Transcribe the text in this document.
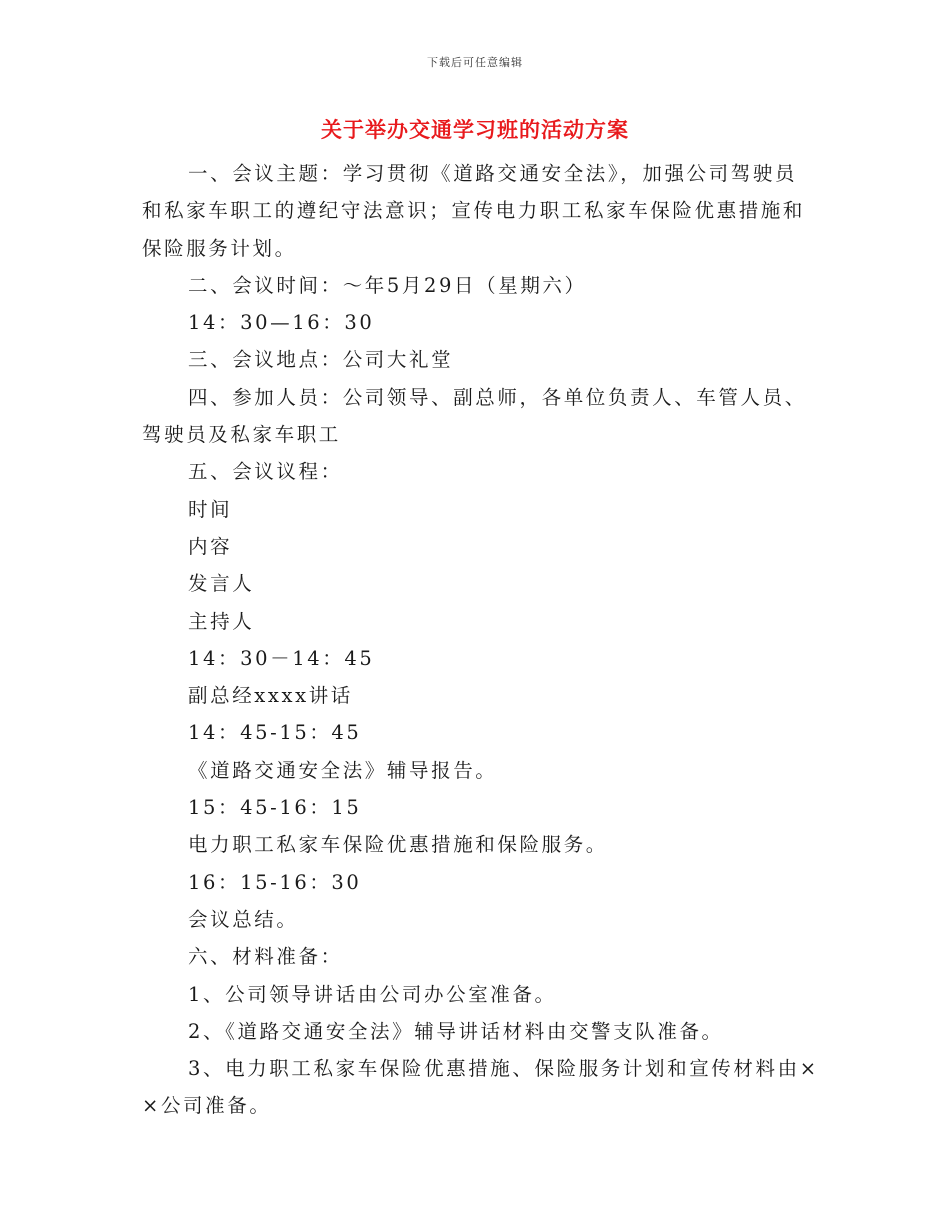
下载后可任意编辑
关于举办交通学习班的活动方案
一、会议主题：学习贯彻《道路交通安全法》，加强公司驾驶员
和私家车职工的遵纪守法意识；宣传电力职工私家车保险优惠措施和
保险服务计划。
二、会议时间：～年5月29日（星期六）
14：30—16：30
三、会议地点：公司大礼堂
四、参加人员：公司领导、副总师，各单位负责人、车管人员、
驾驶员及私家车职工
五、会议议程：
时间
内容
发言人
主持人
14：30－14：45
副总经xxxx讲话
14：45-15：45
《道路交通安全法》辅导报告。
15：45-16：15
电力职工私家车保险优惠措施和保险服务。
16：15-16：30
会议总结。
六、材料准备：
1、公司领导讲话由公司办公室准备。
2、《道路交通安全法》辅导讲话材料由交警支队准备。
3、电力职工私家车保险优惠措施、保险服务计划和宣传材料由×
×公司准备。
